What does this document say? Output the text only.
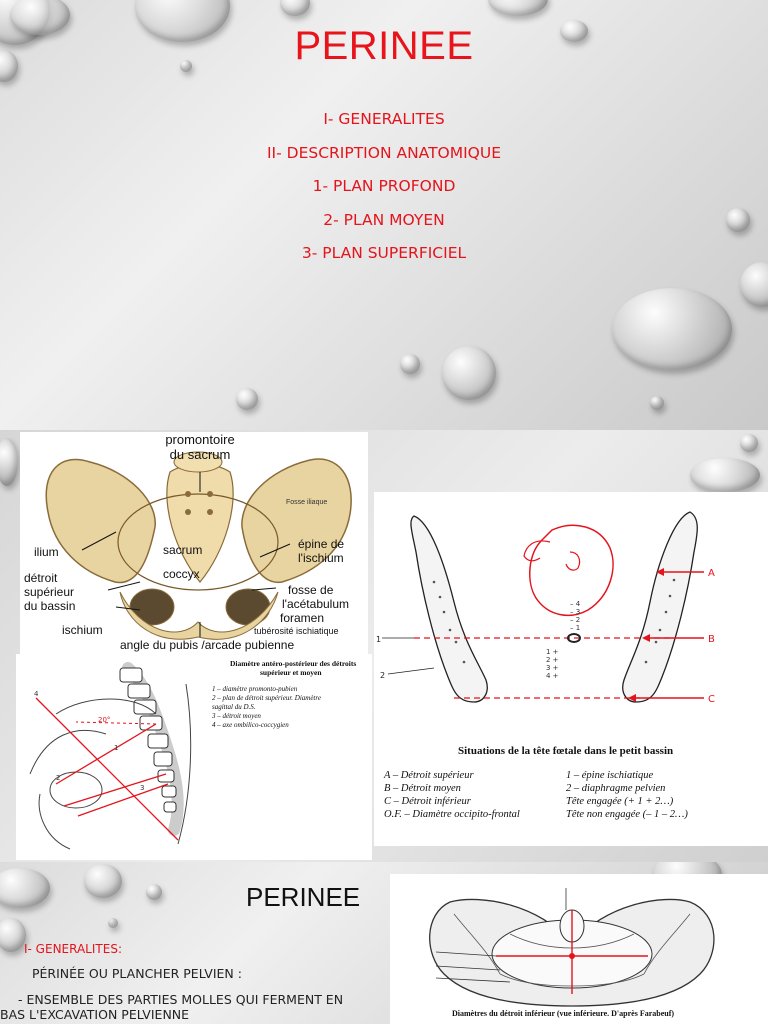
PERINEE
I- GENERALITES
II- DESCRIPTION ANATOMIQUE
1- PLAN PROFOND
2- PLAN MOYEN
3- PLAN SUPERFICIEL
promontoire
du sacrum
Fosse iliaque
ilium
épine de
l'ischium
sacrum
coccyx
détroit
supérieur
du bassin
fosse de
l'acétabulum
foramen
tubérosité ischiatique
ischium
angle du pubis /arcade pubienne
– 4
– 3
– 2
– 1
1 +
2 +
3 +
4 +
A
B
C
1
2
Situations de la tête fœtale dans le petit bassin
A – Détroit supérieur
B – Détroit moyen
C – Détroit inférieur
O.F. – Diamètre occipito-frontal
1 – épine ischiatique
2 – diaphragme pelvien
Tête engagée (+ 1 + 2…)
Tête non engagée (– 1 – 2…)
20°
4
2
3
1
Diamètre antéro-postérieur des détroits
supérieur et moyen
1 – diamètre promonto-pubien
2 – plan de détroit supérieur. Diamètre
sagittal du D.S.
3 – détroit moyen
4 – axe ombilico-coccygien
PERINEE
I- GENERALITES:
PÉRINÉE OU PLANCHER PELVIEN :
- ENSEMBLE DES PARTIES MOLLES QUI FERMENT EN
BAS L'EXCAVATION PELVIENNE	Diamètres du détroit inférieur (vue inférieure. D'après Farabeuf)
